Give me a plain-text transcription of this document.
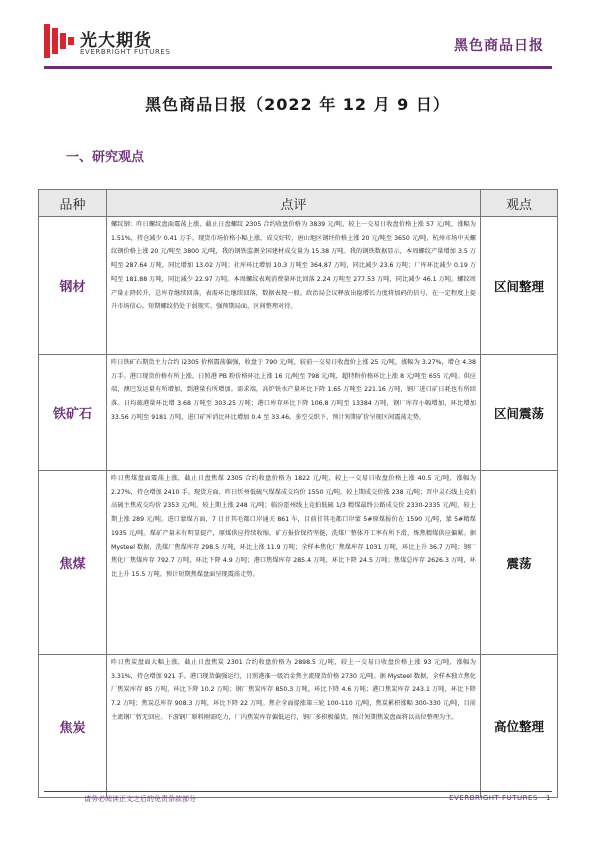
光大期货
EVERBRIGHT FUTURES	黑色商品日报
黑色商品日报（2022 年 12 月 9 日）
一、研究观点
品种	点评	观点
钢材	螺纹钢：昨日螺纹盘面震荡上涨，截止日盘螺纹 2305 合约收盘价格为 3839 元/吨，较上一交易日收盘价格上涨 57 元/吨，涨幅为 1.51%，持仓减少 0.41 万手。现货市场价格小幅上涨，成交好转，唐山地区钢坯价格上涨 20 元/吨至 3650 元/吨，杭州市场中天螺纹钢价格上涨 20 元/吨至 3800 元/吨，我的钢铁监测全国建材成交量为 15.38 万吨。我的钢铁数据显示，本周螺纹产量增加 3.5 万吨至 287.64 万吨，同比增加 13.02 万吨；社库环比增加 10.3 万吨至 364.87 万吨，同比减少 23.6 万吨；厂库环比减少 0.19 万吨至 181.88 万吨，同比减少 22.97 万吨。本周螺纹表观消费量环比回落 2.24 万吨至 277.53 万吨，同比减少 46.1 万吨。螺纹周产量止降转升，总库存继续回落，表需环比继续回落，数据表现一般。政治局会议释放出稳增长力度将加码的信号，在一定程度上提升市场信心。短期螺纹仍处于弱现实、强预期局面，区间整理对待。	区间整理
铁矿石	昨日铁矿石期货主力合约 i2305 价格震荡偏强，收盘于 790 元/吨，较前一交易日收盘价上涨 25 元/吨，涨幅为 3.27%，增仓 4.38 万手。港口现货价格有所上涨，日照港 PB 粉价格环比上涨 16 元/吨至 798 元/吨，超特粉价格环比上涨 8 元/吨至 655 元/吨。供应端，澳巴发运量有所增加，到港量有所增加。需求端，高炉铁水产量环比下降 1.65 万吨至 221.16 万吨，钢厂进口矿日耗也有所回落。日均疏港量环比增 3.68 万吨至 303.25 万吨；港口库存环比下降 106.8 万吨至 13384 万吨，钢厂库存小幅增加，环比增加 33.56 万吨至 9181 万吨，进口矿库消比环比增加 0.4 至 33.46。多空交织下，预计短期矿价呈现区间震荡走势。	区间震荡
焦煤	昨日焦煤盘面震荡上涨，截止日盘焦煤 2305 合约收盘价格为 1822 元/吨，较上一交易日收盘价格上涨 40.5 元/吨，涨幅为 2.27%，持仓增加 2410 手。现货方面，昨日忻州低硫气煤煤成交均价 1550 元/吨，较上期成交价涨 238 元/吨；晋中灵石线上竞拍高硫主焦成交均价 2353 元/吨，较上期上涨 248 元/吨；临汾霍州线上竞拍低硫 1/3 精煤最终公路成交价 2330-2335 元/吨，较上期上涨 289 元/吨。进口蒙煤方面，7 日甘其毛都口岸通关 861 车，目前甘其毛都口岸蒙 5#原煤报价在 1590 元/吨，蒙 5#精煤 1935 元/吨。煤矿产量未有明显提产，原煤供应持续收缩，矿方报价保持坚挺，洗煤厂整体开工率有所下滑，炼焦精煤供应偏紧。据 Mysteel 数据，洗煤厂焦煤库存 298.5 万吨，环比上涨 11.9 万吨；全样本焦化厂焦煤库存 1031 万吨，环比上升 36.7 万吨；钢厂焦化厂焦煤库存 792.7 万吨，环比下降 4.9 万吨；港口焦煤库存 285.4 万吨，环比下降 24.5 万吨；焦煤总库存 2626.3 万吨，环比上升 15.5 万吨。预计短期焦煤盘面呈现震荡走势。	震荡
焦炭	昨日焦炭盘面大幅上涨，截止日盘焦炭 2301 合约收盘价格为 2898.5 元/吨，较上一交易日收盘价格上涨 93 元/吨，涨幅为 3.31%，持仓增加 921 手。港口现货偏强运行，日照港准一级冶金焦主流现货价格 2730 元/吨。据 Mysteel 数据，全样本独立焦化厂焦炭库存 85 万吨，环比下降 10.2 万吨；钢厂焦炭库存 850.3 万吨，环比下降 4.6 万吨；港口焦炭库存 243.1 万吨，环比下降 7.2 万吨；焦炭总库存 908.3 万吨，环比下降 22 万吨。焦企全面提涨第三轮 100-110 元/吨，焦炭累积涨幅 300-330 元/吨，目前主流钢厂暂无回应。下游钢厂原料刚需吃力，厂内焦炭库存偏低运行，钢厂多积极備货。预计短期焦炭盘面将以高位整理为主。	高位整理
请务必阅读正文之后的免责条款部分	EVERBRIGHT FUTURES 1
